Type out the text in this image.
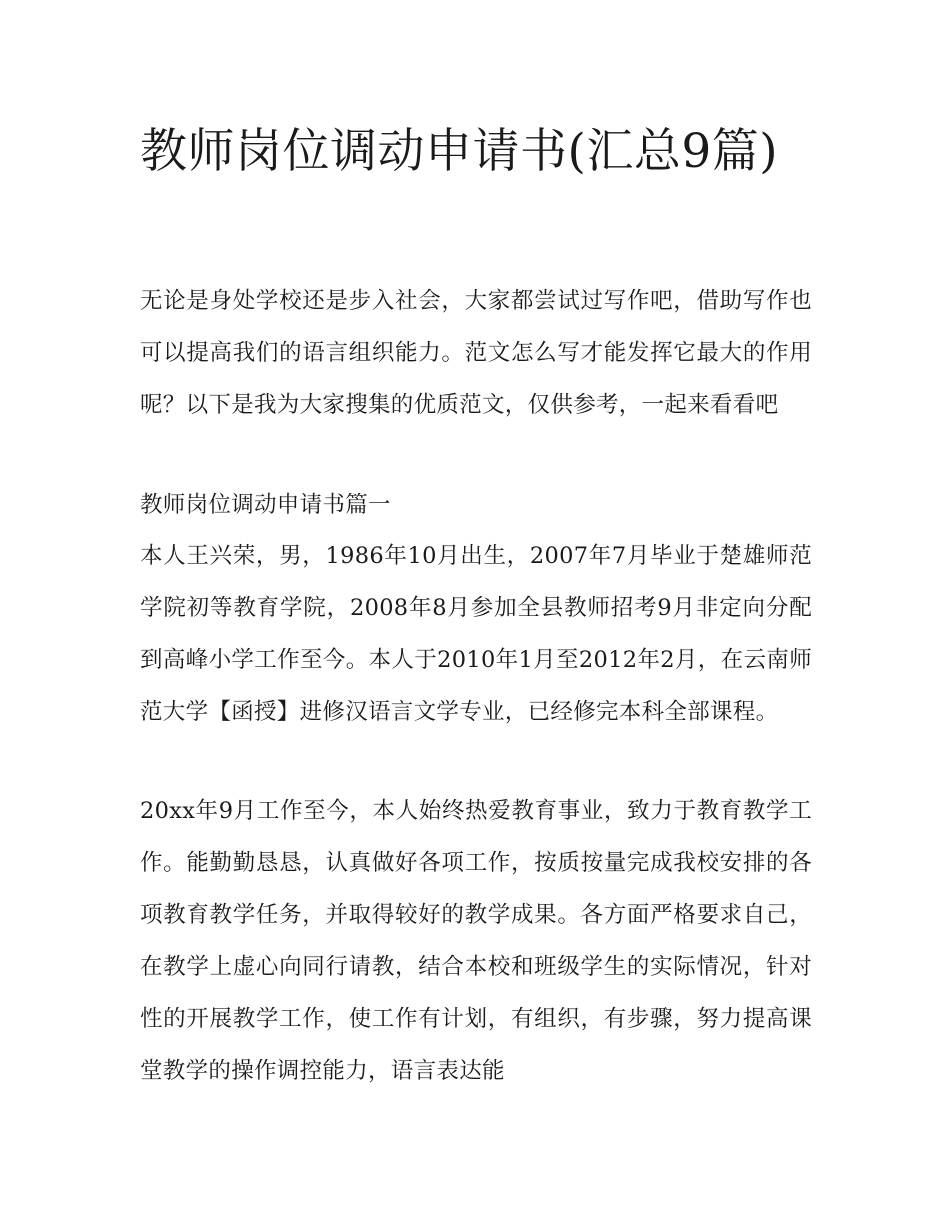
教师岗位调动申请书(汇总9篇)

无论是身处学校还是步入社会，大家都尝试过写作吧，借助写作也可以提高我们的语言组织能力。范文怎么写才能发挥它最大的作用呢？以下是我为大家搜集的优质范文，仅供参考，一起来看看吧

教师岗位调动申请书篇一

本人王兴荣，男，1986年10月出生，2007年7月毕业于楚雄师范学院初等教育学院，2008年8月参加全县教师招考9月非定向分配到高峰小学工作至今。本人于2010年1月至2012年2月，在云南师范大学【函授】进修汉语言文学专业，已经修完本科全部课程。

20xx年9月工作至今，本人始终热爱教育事业，致力于教育教学工作。能勤勤恳恳，认真做好各项工作，按质按量完成我校安排的各项教育教学任务，并取得较好的教学成果。各方面严格要求自己，在教学上虚心向同行请教，结合本校和班级学生的实际情况，针对性的开展教学工作，使工作有计划，有组织，有步骤，努力提高课堂教学的操作调控能力，语言表达能
